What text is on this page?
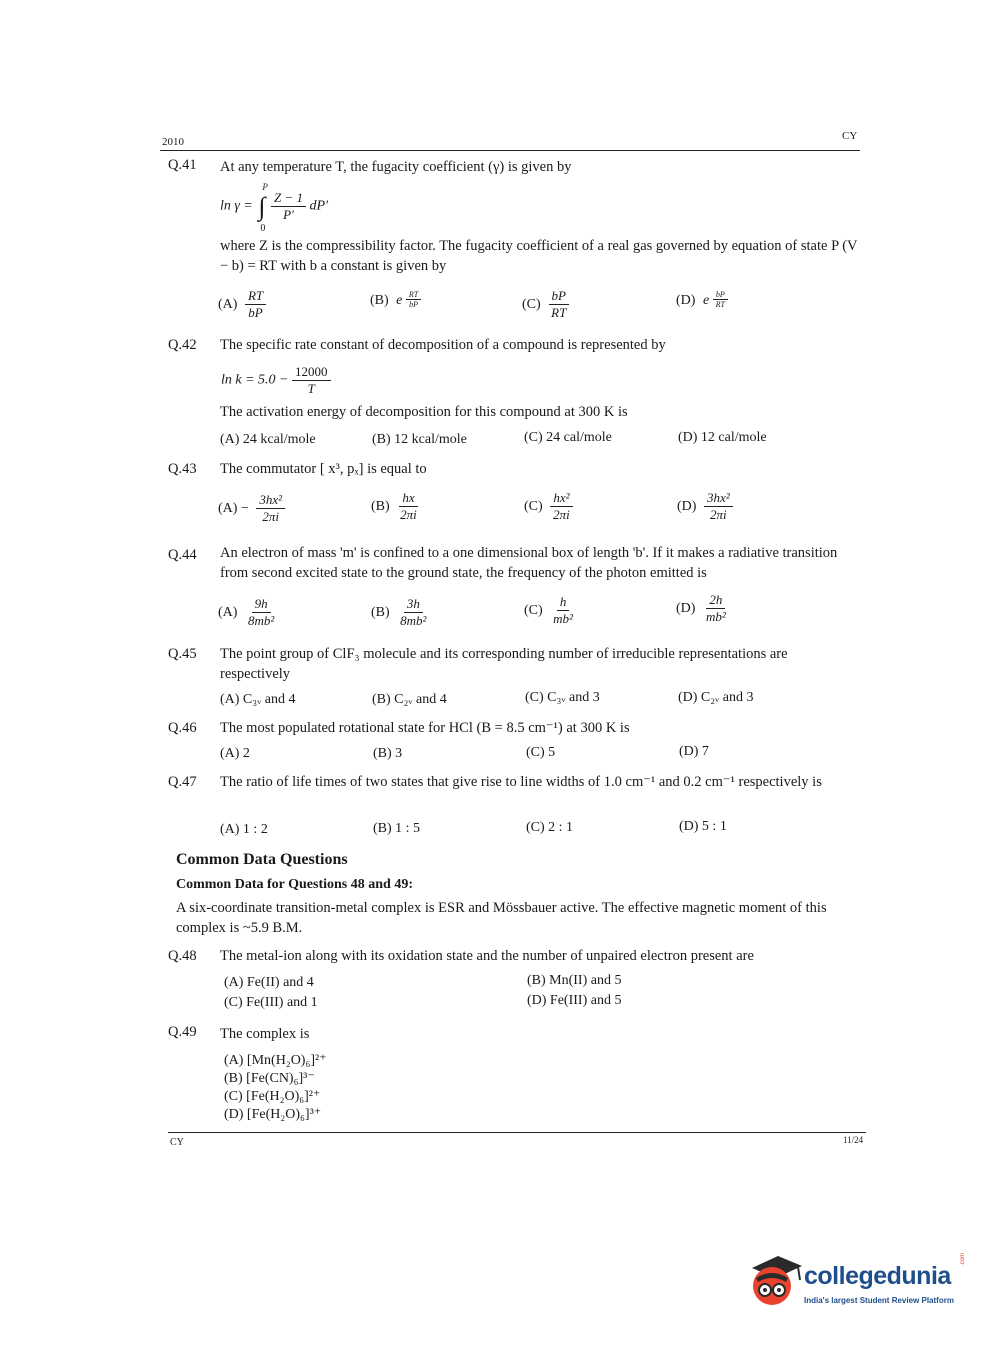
2010	CY
Q.41 At any temperature T, the fugacity coefficient (γ) is given by
ln γ = ∫
P
0

$\frac{Z - 1}{P'} dP'$
where Z is the compressibility factor. The fugacity coefficient of a real gas governed by equation of state P (V − b) = RT with b a constant is given by
$(A) \frac{RT}{bP}$	(B) e $\frac{RT}{bP}$	$(C) \frac{bP}{RT}$	(D) e $\frac{bP}{RT}$
Q.42 The specific rate constant of decomposition of a compound is represented by
$\ln k = 5.0 - \frac{12000}{T}$
The activation energy of decomposition for this compound at 300 K is
(A) 24 kcal/mole	(B) 12 kcal/mole	(C) 24 cal/mole	(D) 12 cal/mole
Q.43 The commutator [ x³, pₓ] is equal to
$(A) - \frac{\text{3hx²}}{2\pi i}$	$(B) \frac{hx}{2\pi i}$	$(C) \frac{\text{hx²}}{2\pi i}$	$(D) \frac{\text{3hx²}}{2\pi i}$
Q.44 An electron of mass 'm' is confined to a one dimensional box of length 'b'. If it makes a radiative transition from second excited state to the ground state, the frequency of the photon emitted is
$(A) \frac{9h}{\text{8mb²}}$	$(B) \frac{3h}{\text{8mb²}}$	$(C) \frac{h}{\text{mb²}}$	$(D) \frac{2h}{\text{mb²}}$
Q.45 The point group of ClF₃ molecule and its corresponding number of irreducible representations are respectively
(A) C₃ᵥ and 4	(B) C₂ᵥ and 4	(C) C₃ᵥ and 3	(D) C₂ᵥ and 3
Q.46 The most populated rotational state for HCl (B = 8.5 cm⁻¹) at 300 K is
(A) 2	(B) 3	(C) 5	(D) 7
Q.47 The ratio of life times of two states that give rise to line widths of 1.0 cm⁻¹ and 0.2 cm⁻¹ respectively is
(A) 1 : 2	(B) 1 : 5	(C) 2 : 1	(D) 5 : 1
Common Data Questions
Common Data for Questions 48 and 49:
A six-coordinate transition-metal complex is ESR and Mössbauer active. The effective magnetic moment of this complex is ~5.9 B.M.
Q.48 The metal-ion along with its oxidation state and the number of unpaired electron present are
(A) Fe(II) and 4	(B) Mn(II) and 5
(C) Fe(III) and 1	(D) Fe(III) and 5
Q.49 The complex is
(A) [Mn(H₂O)₆]²⁺
(B) [Fe(CN)₆]³⁻
(C) [Fe(H₂O)₆]²⁺
(D) [Fe(H₂O)₆]³⁺
CY	11/24
collegedunia
.com
India's largest Student Review Platform
